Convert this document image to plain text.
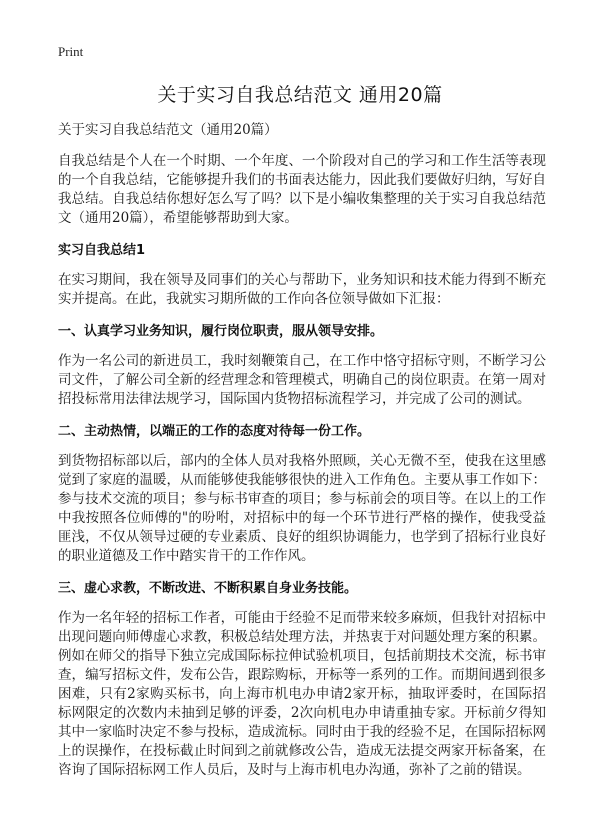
Print
关于实习自我总结范文 通用20篇

关于实习自我总结范文（通用20篇）

自我总结是个人在一个时期、一个年度、一个阶段对自己的学习和工作生活等表现的一个自我总结，它能够提升我们的书面表达能力，因此我们要做好归纳，写好自我总结。自我总结你想好怎么写了吗？以下是小编收集整理的关于实习自我总结范文（通用20篇），希望能够帮助到大家。

实习自我总结1

在实习期间，我在领导及同事们的关心与帮助下，业务知识和技术能力得到不断充实并提高。在此，我就实习期所做的工作向各位领导做如下汇报：

一、认真学习业务知识，履行岗位职责，服从领导安排。

作为一名公司的新进员工，我时刻鞭策自己，在工作中恪守招标守则，不断学习公司文件，了解公司全新的经营理念和管理模式，明确自己的岗位职责。在第一周对招投标常用法律法规学习，国际国内货物招标流程学习，并完成了公司的测试。

二、主动热情，以端正的工作的态度对待每一份工作。

到货物招标部以后，部内的全体人员对我格外照顾，关心无微不至，使我在这里感觉到了家庭的温暖，从而能够使我能够很快的进入工作角色。主要从事工作如下：参与技术交流的项目；参与标书审查的项目；参与标前会的项目等。在以上的工作中我按照各位师傅的"的吩咐，对招标中的每一个环节进行严格的操作，使我受益匪浅，不仅从领导过硬的专业素质、良好的组织协调能力，也学到了招标行业良好的职业道德及工作中踏实肯干的工作作风。

三、虚心求教，不断改进、不断积累自身业务技能。

作为一名年轻的招标工作者，可能由于经验不足而带来较多麻烦，但我针对招标中出现问题向师傅虚心求教，积极总结处理方法，并热衷于对问题处理方案的积累。例如在师父的指导下独立完成国际标拉伸试验机项目，包括前期技术交流，标书审查，编写招标文件，发布公告，跟踪购标，开标等一系列的工作。而期间遇到很多困难，只有2家购买标书，向上海市机电办申请2家开标，抽取评委时，在国际招标网限定的次数内未抽到足够的评委，2次向机电办申请重抽专家。开标前夕得知其中一家临时决定不参与投标，造成流标。同时由于我的经验不足，在国际招标网上的误操作，在投标截止时间到之前就修改公告，造成无法提交两家开标备案，在咨询了国际招标网工作人员后，及时与上海市机电办沟通，弥补了之前的错误。
